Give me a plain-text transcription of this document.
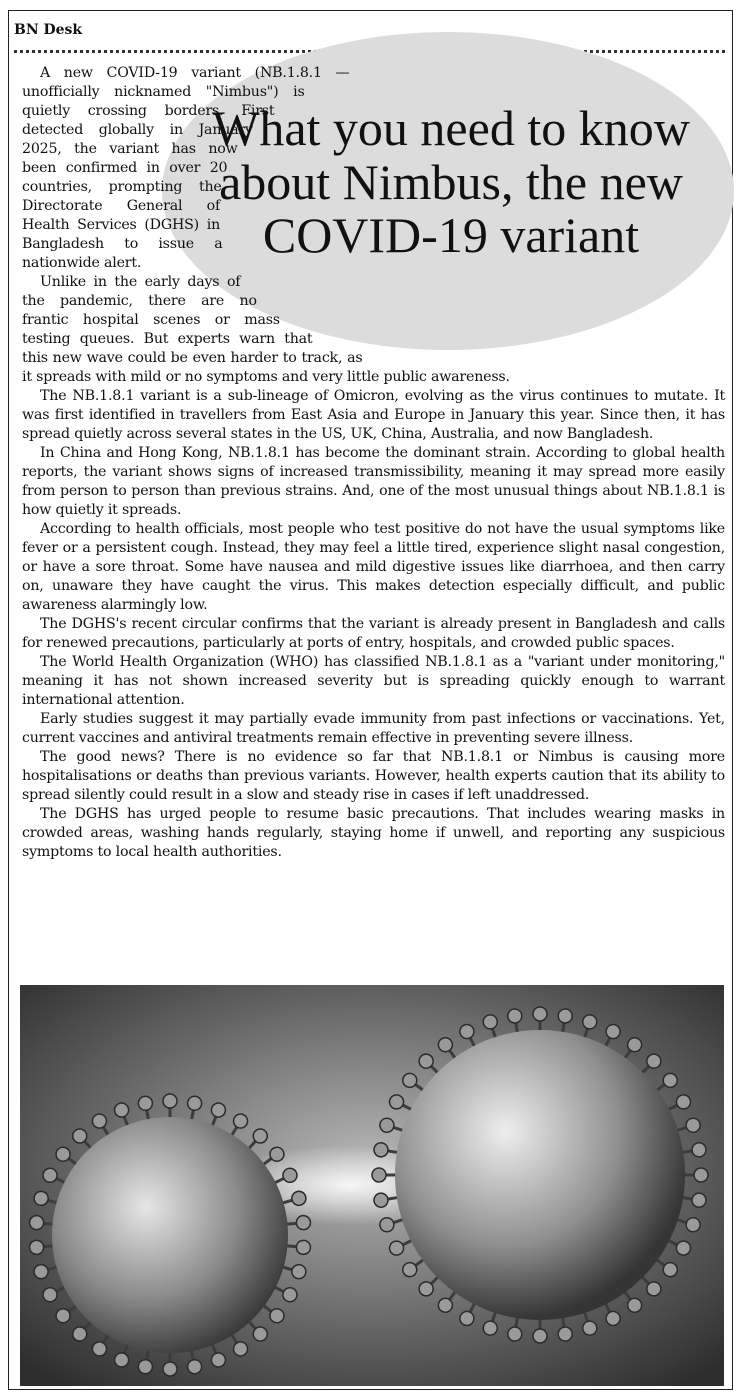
BN Desk
What you need to know about Nimbus, the new COVID-19 variant

A new COVID-19 variant (NB.1.8.1 — unofficially nicknamed "Nimbus") is quietly crossing borders. First detected globally in January 2025, the variant has now been confirmed in over 20 countries, prompting the Directorate General of Health Services (DGHS) in Bangladesh to issue a nationwide alert.

Unlike in the early days of the pandemic, there are no frantic hospital scenes or mass testing queues. But experts warn that this new wave could be even harder to track, as it spreads with mild or no symptoms and very little public awareness.

The NB.1.8.1 variant is a sub-lineage of Omicron, evolving as the virus continues to mutate. It was first identified in travellers from East Asia and Europe in January this year. Since then, it has spread quietly across several states in the US, UK, China, Australia, and now Bangladesh.

In China and Hong Kong, NB.1.8.1 has become the dominant strain. According to global health reports, the variant shows signs of increased transmissibility, meaning it may spread more easily from person to person than previous strains. And, one of the most unusual things about NB.1.8.1 is how quietly it spreads.

According to health officials, most people who test positive do not have the usual symptoms like fever or a persistent cough. Instead, they may feel a little tired, experience slight nasal congestion, or have a sore throat. Some have nausea and mild digestive issues like diarrhoea, and then carry on, unaware they have caught the virus. This makes detection especially difficult, and public awareness alarmingly low.

The DGHS's recent circular confirms that the variant is already present in Bangladesh and calls for renewed precautions, particularly at ports of entry, hospitals, and crowded public spaces.

The World Health Organization (WHO) has classified NB.1.8.1 as a "variant under monitoring," meaning it has not shown increased severity but is spreading quickly enough to warrant international attention.

Early studies suggest it may partially evade immunity from past infections or vaccinations. Yet, current vaccines and antiviral treatments remain effective in preventing severe illness.

The good news? There is no evidence so far that NB.1.8.1 or Nimbus is causing more hospitalisations or deaths than previous variants. However, health experts caution that its ability to spread silently could result in a slow and steady rise in cases if left unaddressed.

The DGHS has urged people to resume basic precautions. That includes wearing masks in crowded areas, washing hands regularly, staying home if unwell, and reporting any suspicious symptoms to local health authorities.
